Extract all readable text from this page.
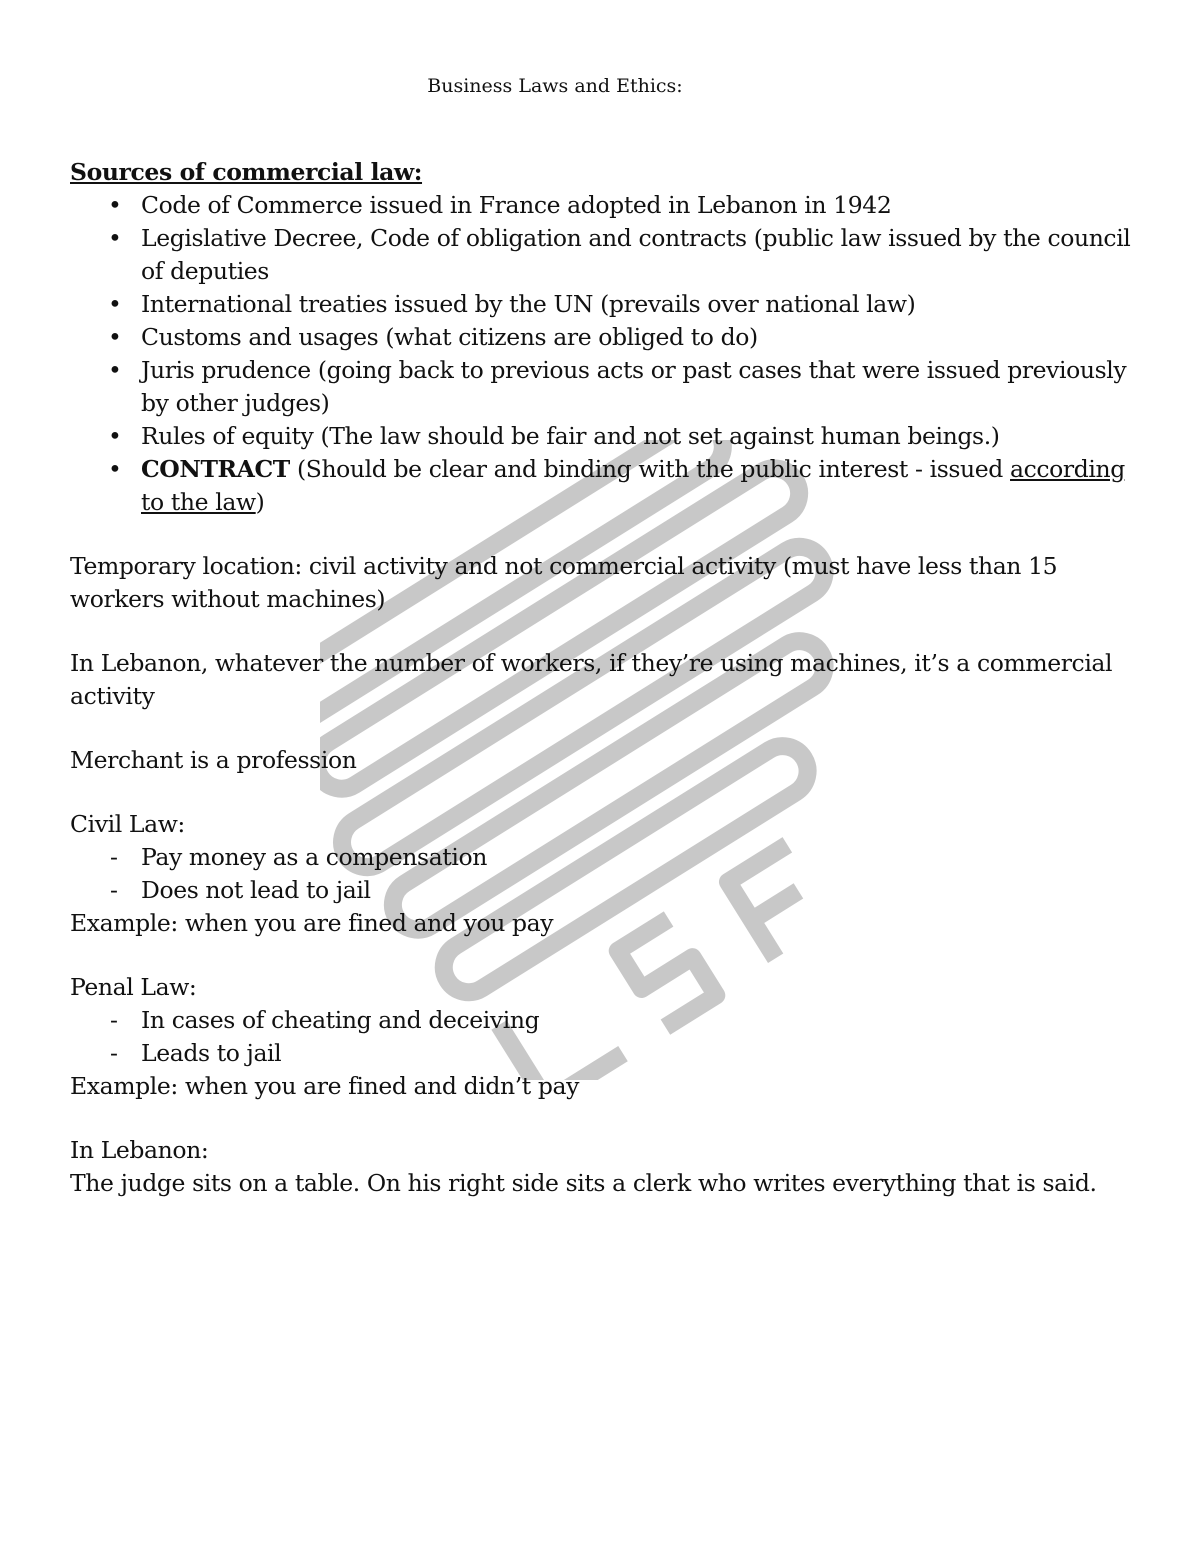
Business Laws and Ethics:
Sources of commercial law:
• Code of Commerce issued in France adopted in Lebanon in 1942
• Legislative Decree, Code of obligation and contracts (public law issued by the council of deputies
• International treaties issued by the UN (prevails over national law)
• Customs and usages (what citizens are obliged to do)
• Juris prudence (going back to previous acts or past cases that were issued previously by other judges)
• Rules of equity (The law should be fair and not set against human beings.)
• CONTRACT (Should be clear and binding with the public interest - issued according to the law)
Temporary location: civil activity and not commercial activity (must have less than 15 workers without machines)
In Lebanon, whatever the number of workers, if they’re using machines, it’s a commercial activity
Merchant is a profession
Civil Law:
- Pay money as a compensation
- Does not lead to jail
Example: when you are fined and you pay
Penal Law:
- In cases of cheating and deceiving
- Leads to jail
Example: when you are fined and didn’t pay
In Lebanon:
The judge sits on a table. On his right side sits a clerk who writes everything that is said.
